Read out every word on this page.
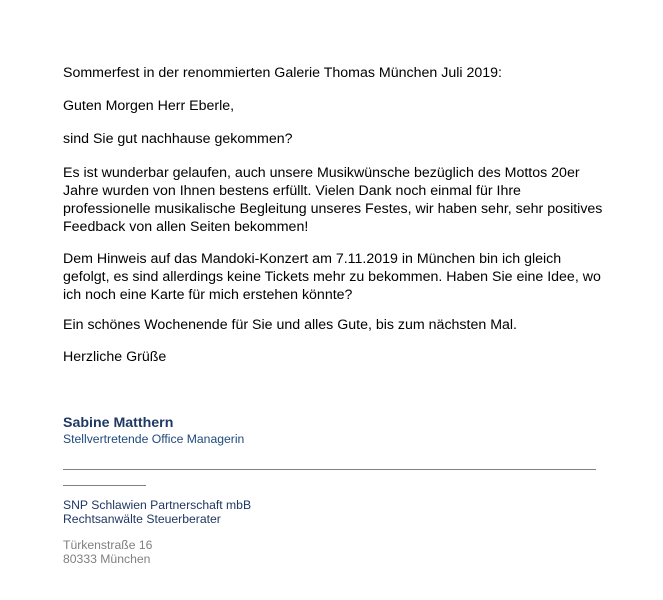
Sommerfest in der renommierten Galerie Thomas München Juli 2019:

Guten Morgen Herr Eberle,

sind Sie gut nachhause gekommen?

Es ist wunderbar gelaufen, auch unsere Musikwünsche bezüglich des Mottos 20er Jahre wurden von Ihnen bestens erfüllt. Vielen Dank noch einmal für Ihre professionelle musikalische Begleitung unseres Festes, wir haben sehr, sehr positives Feedback von allen Seiten bekommen!

Dem Hinweis auf das Mandoki-Konzert am 7.11.2019 in München bin ich gleich gefolgt, es sind allerdings keine Tickets mehr zu bekommen. Haben Sie eine Idee, wo ich noch eine Karte für mich erstehen könnte?

Ein schönes Wochenende für Sie und alles Gute, bis zum nächsten Mal.

Herzliche Grüße

Sabine Matthern
Stellvertretende Office Managerin
SNP Schlawien Partnerschaft mbB
Rechtsanwälte Steuerberater
Türkenstraße 16
80333 München
